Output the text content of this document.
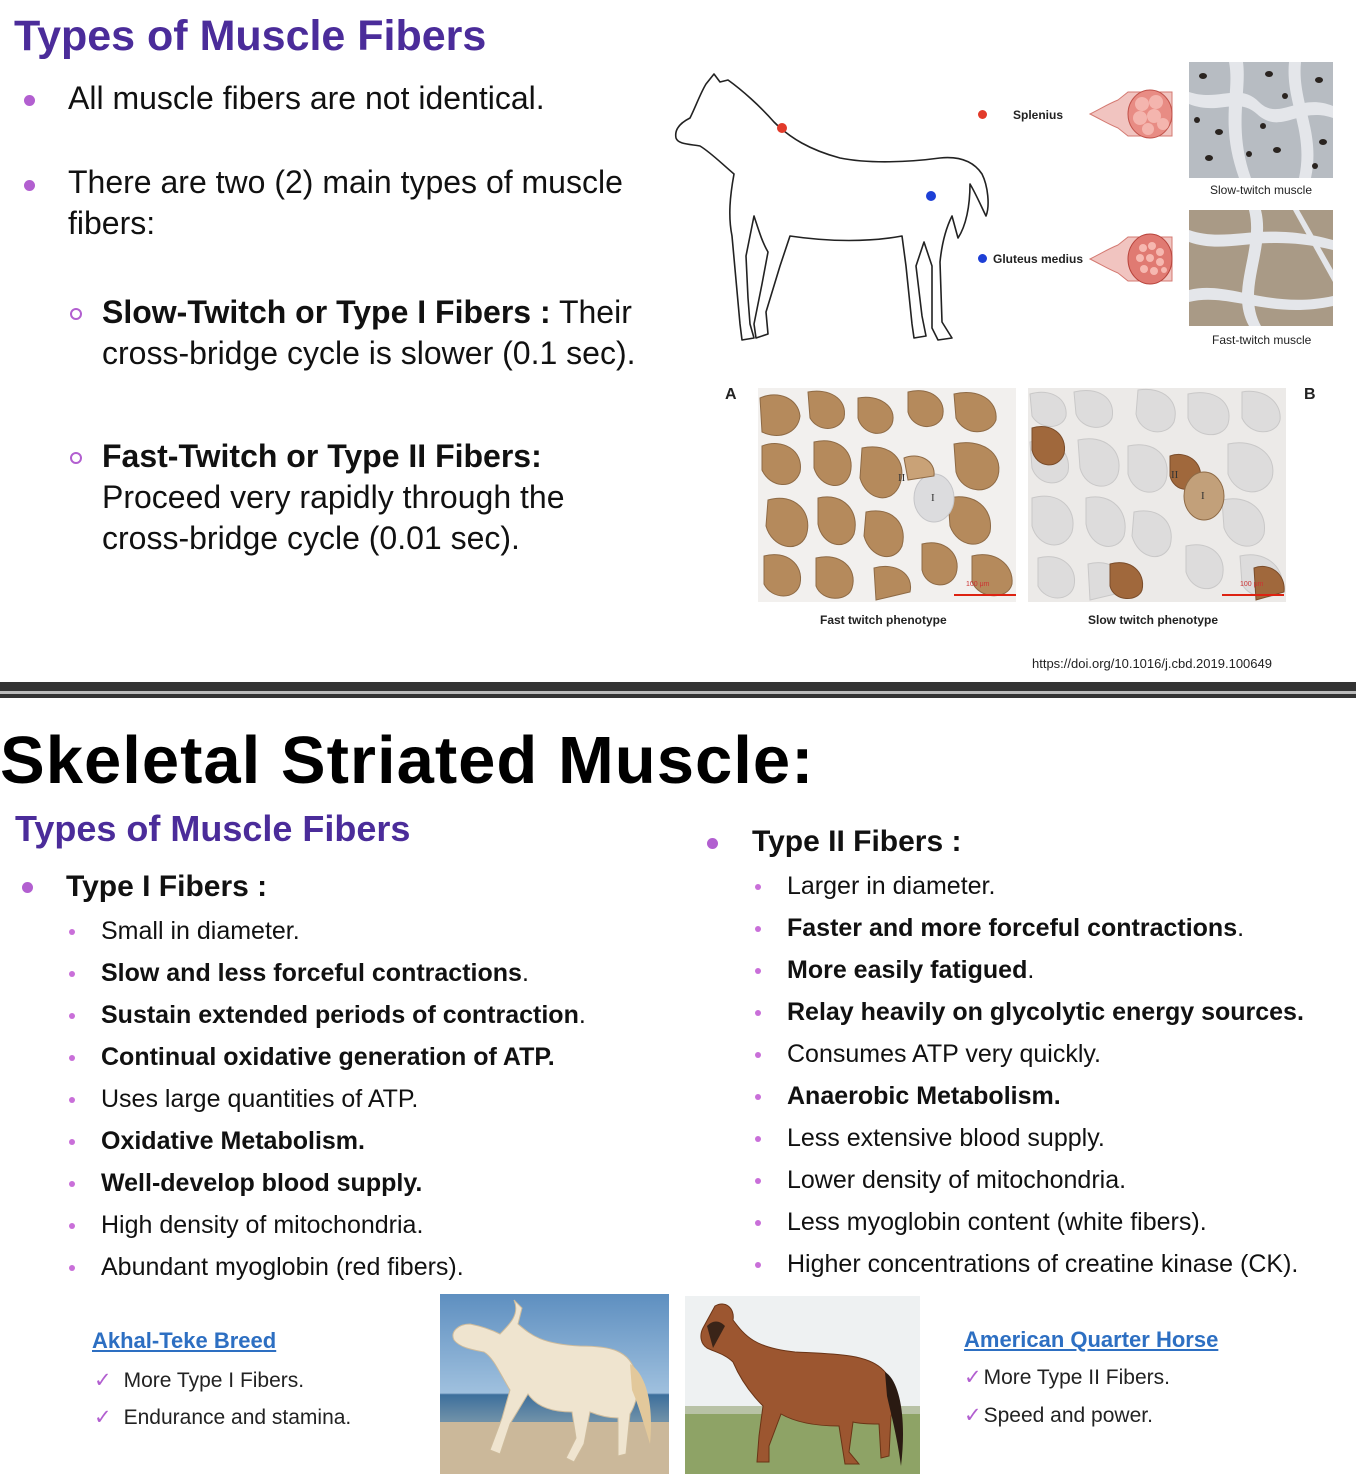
Types of Muscle Fibers
All muscle fibers are not identical.
There are two (2) main types of muscle fibers:
Slow-Twitch or Type I Fibers : Their
cross-bridge cycle is slower (0.1 sec).
Fast-Twitch or Type II Fibers:
Proceed very rapidly through the
cross-bridge cycle (0.01 sec).
Splenius
Gluteus medius
Slow-twitch muscle
Fast-twitch muscle
A	B
II
I
100 μm
Fast twitch phenotype
II
I
100 μm
Slow twitch phenotype
https://doi.org/10.1016/j.cbd.2019.100649
Skeletal Striated Muscle:
Types of Muscle Fibers
Type I Fibers :
Small in diameter.
Slow and less forceful contractions.
Sustain extended periods of contraction.
Continual oxidative generation of ATP.
Uses large quantities of ATP.
Oxidative Metabolism.
Well-develop blood supply.
High density of mitochondria.
Abundant myoglobin (red fibers).
Type II Fibers :
Larger in diameter.
Faster and more forceful contractions.
More easily fatigued.
Relay heavily on glycolytic energy sources.
Consumes ATP very quickly.
Anaerobic Metabolism.
Less extensive blood supply.
Lower density of mitochondria.
Less myoglobin content (white fibers).
Higher concentrations of creatine kinase (CK).
Akhal-Teke Breed
✓ More Type I Fibers.
✓ Endurance and stamina.
American Quarter Horse
✓More Type II Fibers.
✓Speed and power.
